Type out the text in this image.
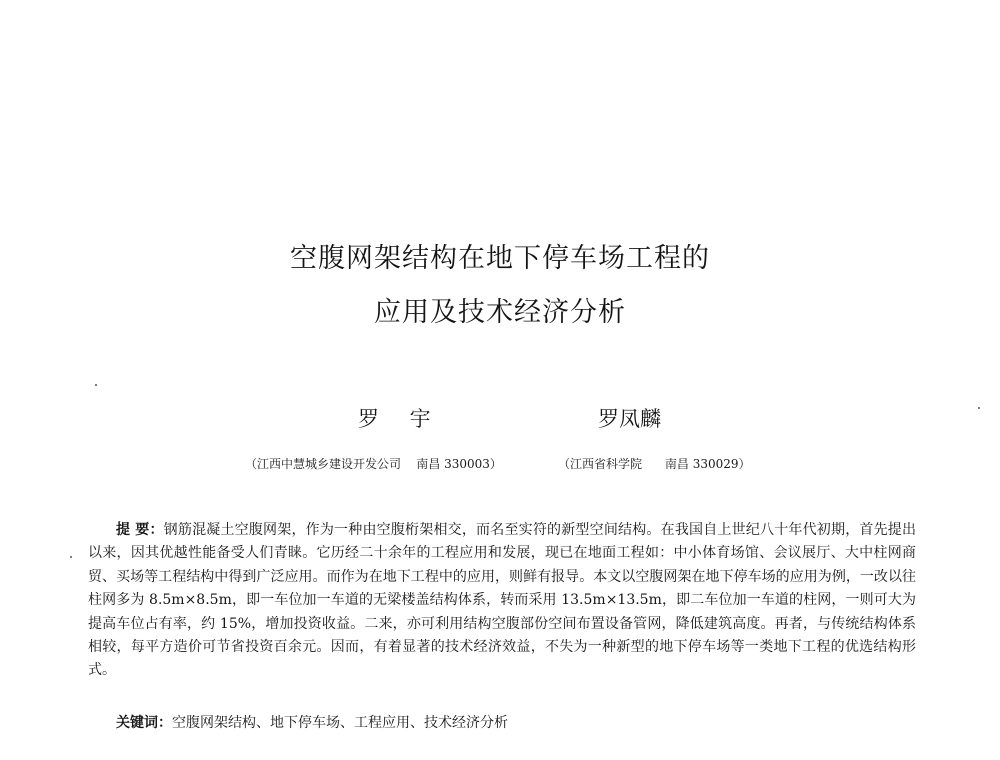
空腹网架结构在地下停车场工程的
应用及技术经济分析
罗 宇	罗凤麟
（江西中慧城乡建设开发公司    南昌 330003）	（江西省科学院      南昌 330029）
提 要：钢筋混凝土空腹网架，作为一种由空腹桁架相交，而名至实符的新型空间结构。在我国自上世纪八十年代初期，首先提出以来，因其优越性能备受人们青睐。它历经二十余年的工程应用和发展，现已在地面工程如：中小体育场馆、会议展厅、大中柱网商贸、买场等工程结构中得到广泛应用。而作为在地下工程中的应用，则鲜有报导。本文以空腹网架在地下停车场的应用为例，一改以往柱网多为 8.5m×8.5m，即一车位加一车道的无梁楼盖结构体系，转而采用 13.5m×13.5m，即二车位加一车道的柱网，一则可大为提高车位占有率，约 15%，增加投资收益。二来，亦可利用结构空腹部份空间布置设备管网，降低建筑高度。再者，与传统结构体系相较，每平方造价可节省投资百余元。因而，有着显著的技术经济效益，不失为一种新型的地下停车场等一类地下工程的优选结构形式。
关键词：空腹网架结构、地下停车场、工程应用、技术经济分析
